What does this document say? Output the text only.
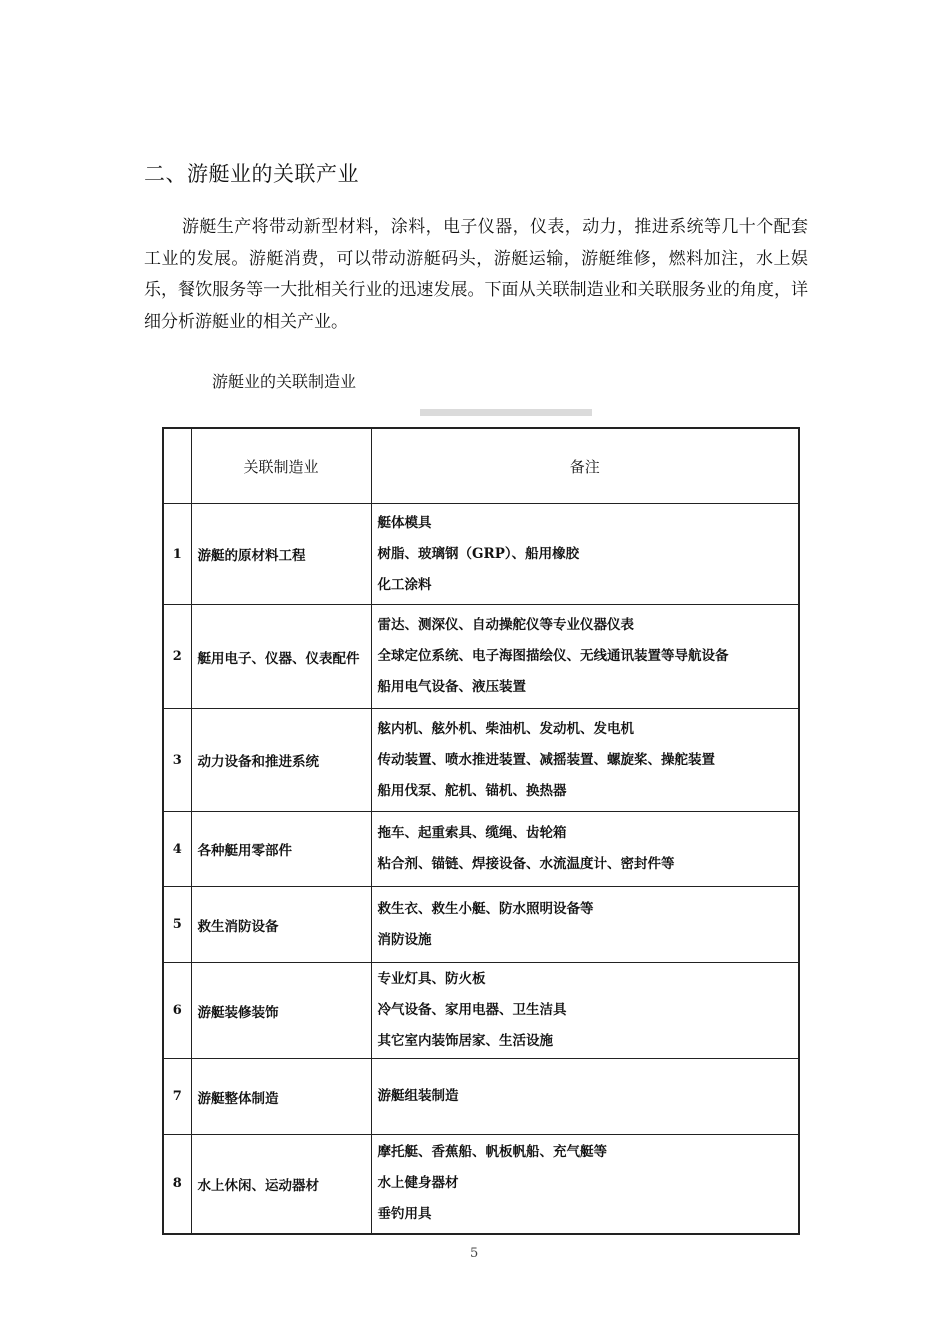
二、游艇业的关联产业

游艇生产将带动新型材料，涂料，电子仪器，仪表，动力，推进系统等几十个配套工业的发展。游艇消费，可以带动游艇码头，游艇运输，游艇维修，燃料加注，水上娱乐，餐饮服务等一大批相关行业的迅速发展。下面从关联制造业和关联服务业的角度，详细分析游艇业的相关产业。

游艇业的关联制造业

	关联制造业	备注
1	游艇的原材料工程	艇体模具
树脂、玻璃钢（GRP）、船用橡胶
化工涂料

2	艇用电子、仪器、仪表配件	雷达、测深仪、自动操舵仪等专业仪器仪表
全球定位系统、电子海图描绘仪、无线通讯装置等导航设备
船用电气设备、液压装置

3	动力设备和推进系统	舷内机、舷外机、柴油机、发动机、发电机
传动装置、喷水推进装置、减摇装置、螺旋桨、操舵装置
船用伐泵、舵机、锚机、换热器

4	各种艇用零部件	拖车、起重索具、缆绳、齿轮箱
粘合剂、锚链、焊接设备、水流温度计、密封件等

5	救生消防设备	救生衣、救生小艇、防水照明设备等
消防设施

6	游艇装修装饰	专业灯具、防火板
冷气设备、家用电器、卫生洁具
其它室内装饰居家、生活设施

7	游艇整体制造	游艇组装制造

8	水上休闲、运动器材	摩托艇、香蕉船、帆板帆船、充气艇等
水上健身器材
垂钓用具
5
